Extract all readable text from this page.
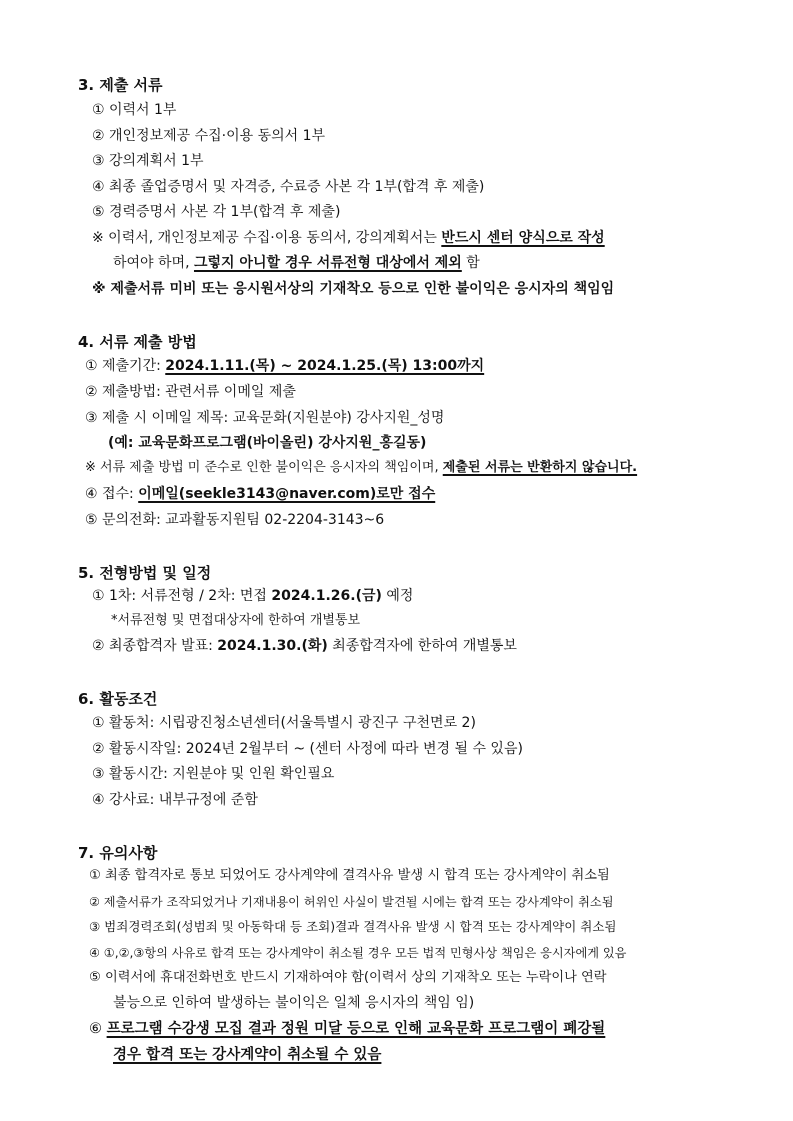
3. 제출 서류
① 이력서 1부
② 개인정보제공 수집·이용 동의서 1부
③ 강의계획서 1부
④ 최종 졸업증명서 및 자격증, 수료증 사본 각 1부(합격 후 제출)
⑤ 경력증명서 사본 각 1부(합격 후 제출)
※ 이력서, 개인정보제공 수집·이용 동의서, 강의계획서는 반드시 센터 양식으로 작성
하여야 하며, 그렇지 아니할 경우 서류전형 대상에서 제외 함
※ 제출서류 미비 또는 응시원서상의 기재착오 등으로 인한 불이익은 응시자의 책임임
4. 서류 제출 방법
① 제출기간: 2024.1.11.(목) ~ 2024.1.25.(목) 13:00까지
② 제출방법: 관련서류 이메일 제출
③ 제출 시 이메일 제목: 교육문화(지원분야) 강사지원_성명
(예: 교육문화프로그램(바이올린) 강사지원_홍길동)
※ 서류 제출 방법 미 준수로 인한 불이익은 응시자의 책임이며, 제출된 서류는 반환하지 않습니다.
④ 접수: 이메일(seekle3143@naver.com)로만 접수
⑤ 문의전화: 교과활동지원팀 02-2204-3143~6
5. 전형방법 및 일정
① 1차: 서류전형 / 2차: 면접 2024.1.26.(금) 예정
*서류전형 및 면접대상자에 한하여 개별통보
② 최종합격자 발표: 2024.1.30.(화) 최종합격자에 한하여 개별통보
6. 활동조건
① 활동처: 시립광진청소년센터(서울특별시 광진구 구천면로 2)
② 활동시작일: 2024년 2월부터 ~ (센터 사정에 따라 변경 될 수 있음)
③ 활동시간: 지원분야 및 인원 확인필요
④ 강사료: 내부규정에 준함
7. 유의사항
① 최종 합격자로 통보 되었어도 강사계약에 결격사유 발생 시 합격 또는 강사계약이 취소됨
② 제출서류가 조작되었거나 기재내용이 허위인 사실이 발견될 시에는 합격 또는 강사계약이 취소됨
③ 범죄경력조회(성범죄 및 아동학대 등 조회)결과 결격사유 발생 시 합격 또는 강사계약이 취소됨
④ ①,②,③항의 사유로 합격 또는 강사계약이 취소될 경우 모든 법적 민형사상 책임은 응시자에게 있음
⑤ 이력서에 휴대전화번호 반드시 기재하여야 함(이력서 상의 기재착오 또는 누락이나 연락
불능으로 인하여 발생하는 불이익은 일체 응시자의 책임 임)
⑥ 프로그램 수강생 모집 결과 정원 미달 등으로 인해 교육문화 프로그램이 폐강될
경우 합격 또는 강사계약이 취소될 수 있음
